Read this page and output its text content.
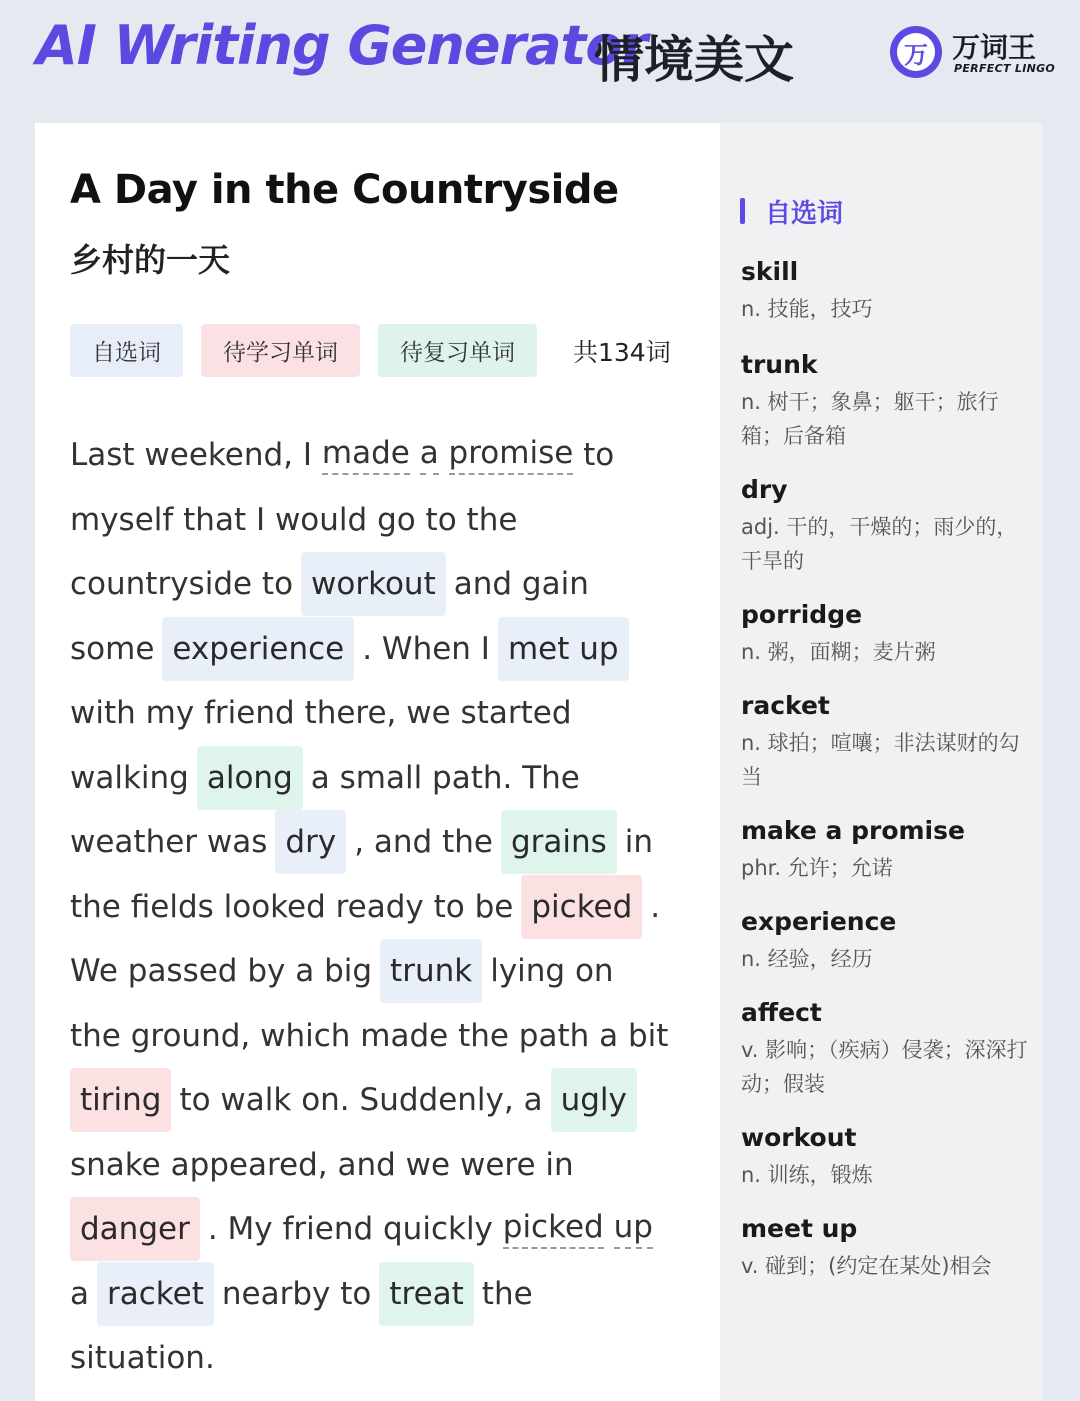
AI Writing Generator
情境美文	万 万词王
PERFECT LINGO
A Day in the Countryside
乡村的一天
自选词	待学习单词	待复习单词	共134词
Last weekend, I made
a
promise to
myself that I would go to the
countryside to workout and gain
some experience . When I met up
with my friend there, we started
walking along a small path. The
weather was dry , and the grains in
the fields looked ready to be picked .
We passed by a big trunk lying on
the ground, which made the path a bit
tiring to walk on. Suddenly, a ugly
snake appeared, and we were in
danger . My friend quickly picked
up
a racket nearby to treat the
situation.
自选词
skill
n. 技能，技巧
trunk
n. 树干；象鼻；躯干；旅行箱；后备箱
dry
adj. 干的，干燥的；雨少的，干旱的
porridge
n. 粥，面糊；麦片粥
racket
n. 球拍；喧嚷；非法谋财的勾当
make a promise
phr. 允许；允诺
experience
n. 经验，经历
affect
v. 影响；（疾病）侵袭；深深打动；假装
workout
n. 训练，锻炼
meet up
v. 碰到；(约定在某处)相会
